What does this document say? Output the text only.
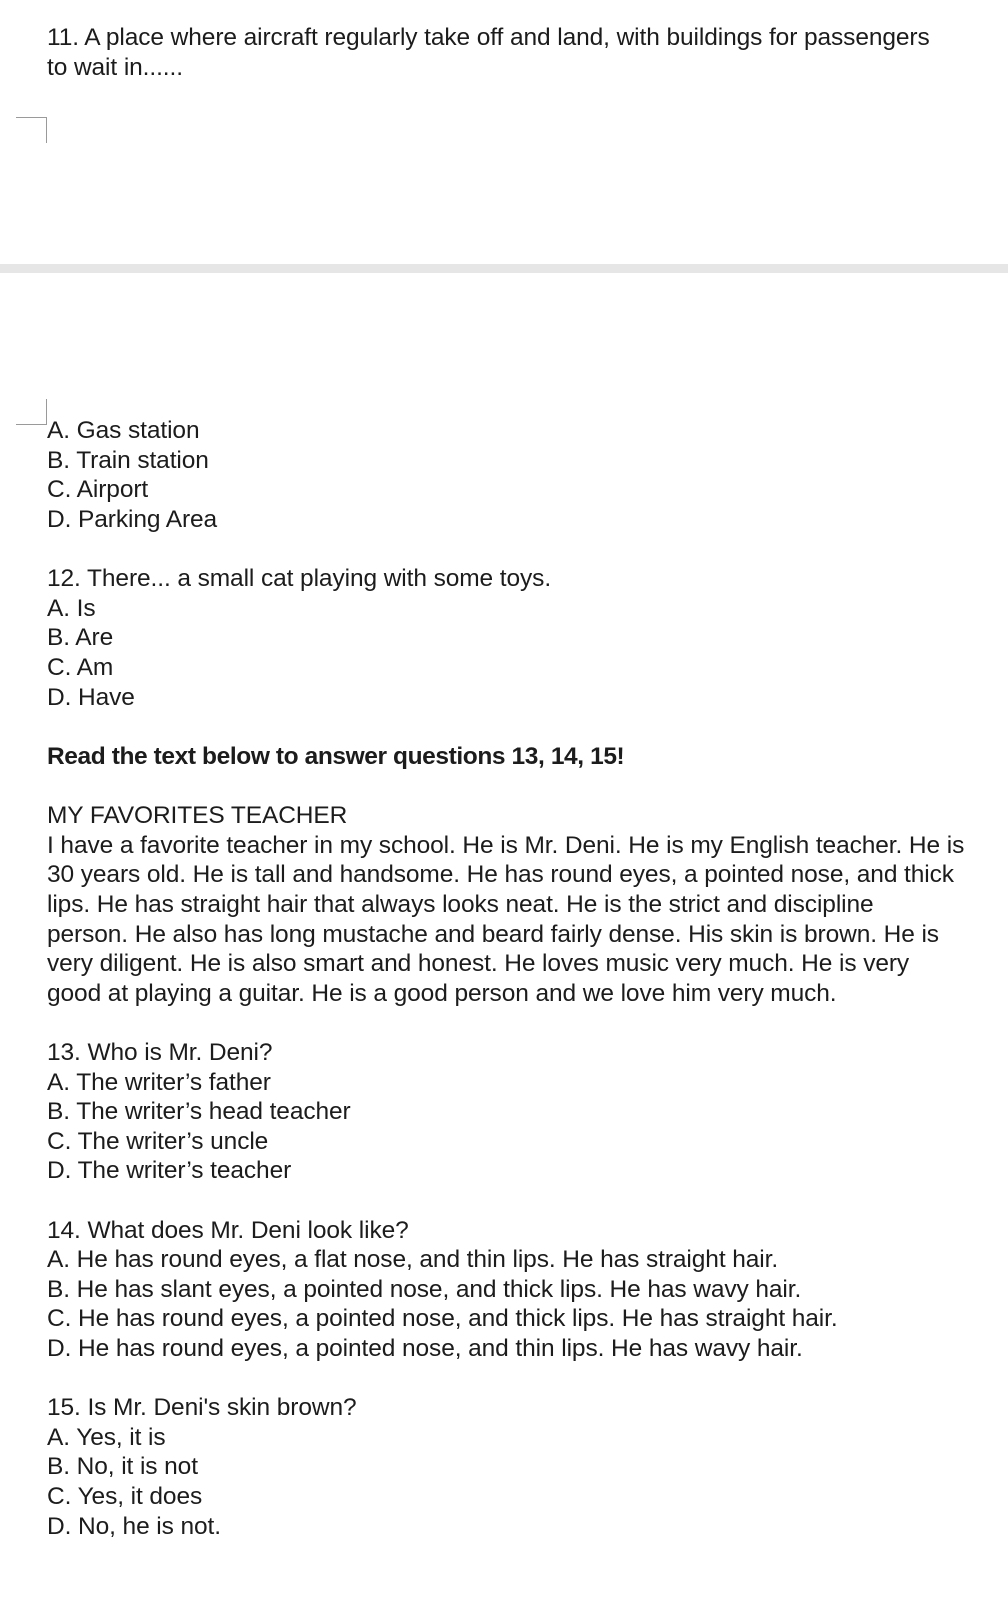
11. A place where aircraft regularly take off and land, with buildings for passengers
to wait in......
A. Gas station
B. Train station
C. Airport
D. Parking Area
12. There... a small cat playing with some toys.
A. Is
B. Are
C. Am
D. Have
Read the text below to answer questions 13, 14, 15!
MY FAVORITES TEACHER
I have a favorite teacher in my school. He is Mr. Deni. He is my English teacher. He is
30 years old. He is tall and handsome. He has round eyes, a pointed nose, and thick
lips. He has straight hair that always looks neat. He is the strict and discipline
person. He also has long mustache and beard fairly dense. His skin is brown. He is
very diligent. He is also smart and honest. He loves music very much. He is very
good at playing a guitar. He is a good person and we love him very much.
13. Who is Mr. Deni?
A. The writer’s father
B. The writer’s head teacher
C. The writer’s uncle
D. The writer’s teacher
14. What does Mr. Deni look like?
A. He has round eyes, a flat nose, and thin lips. He has straight hair.
B. He has slant eyes, a pointed nose, and thick lips. He has wavy hair.
C. He has round eyes, a pointed nose, and thick lips. He has straight hair.
D. He has round eyes, a pointed nose, and thin lips. He has wavy hair.
15. Is Mr. Deni's skin brown?
A. Yes, it is
B. No, it is not
C. Yes, it does
D. No, he is not.
